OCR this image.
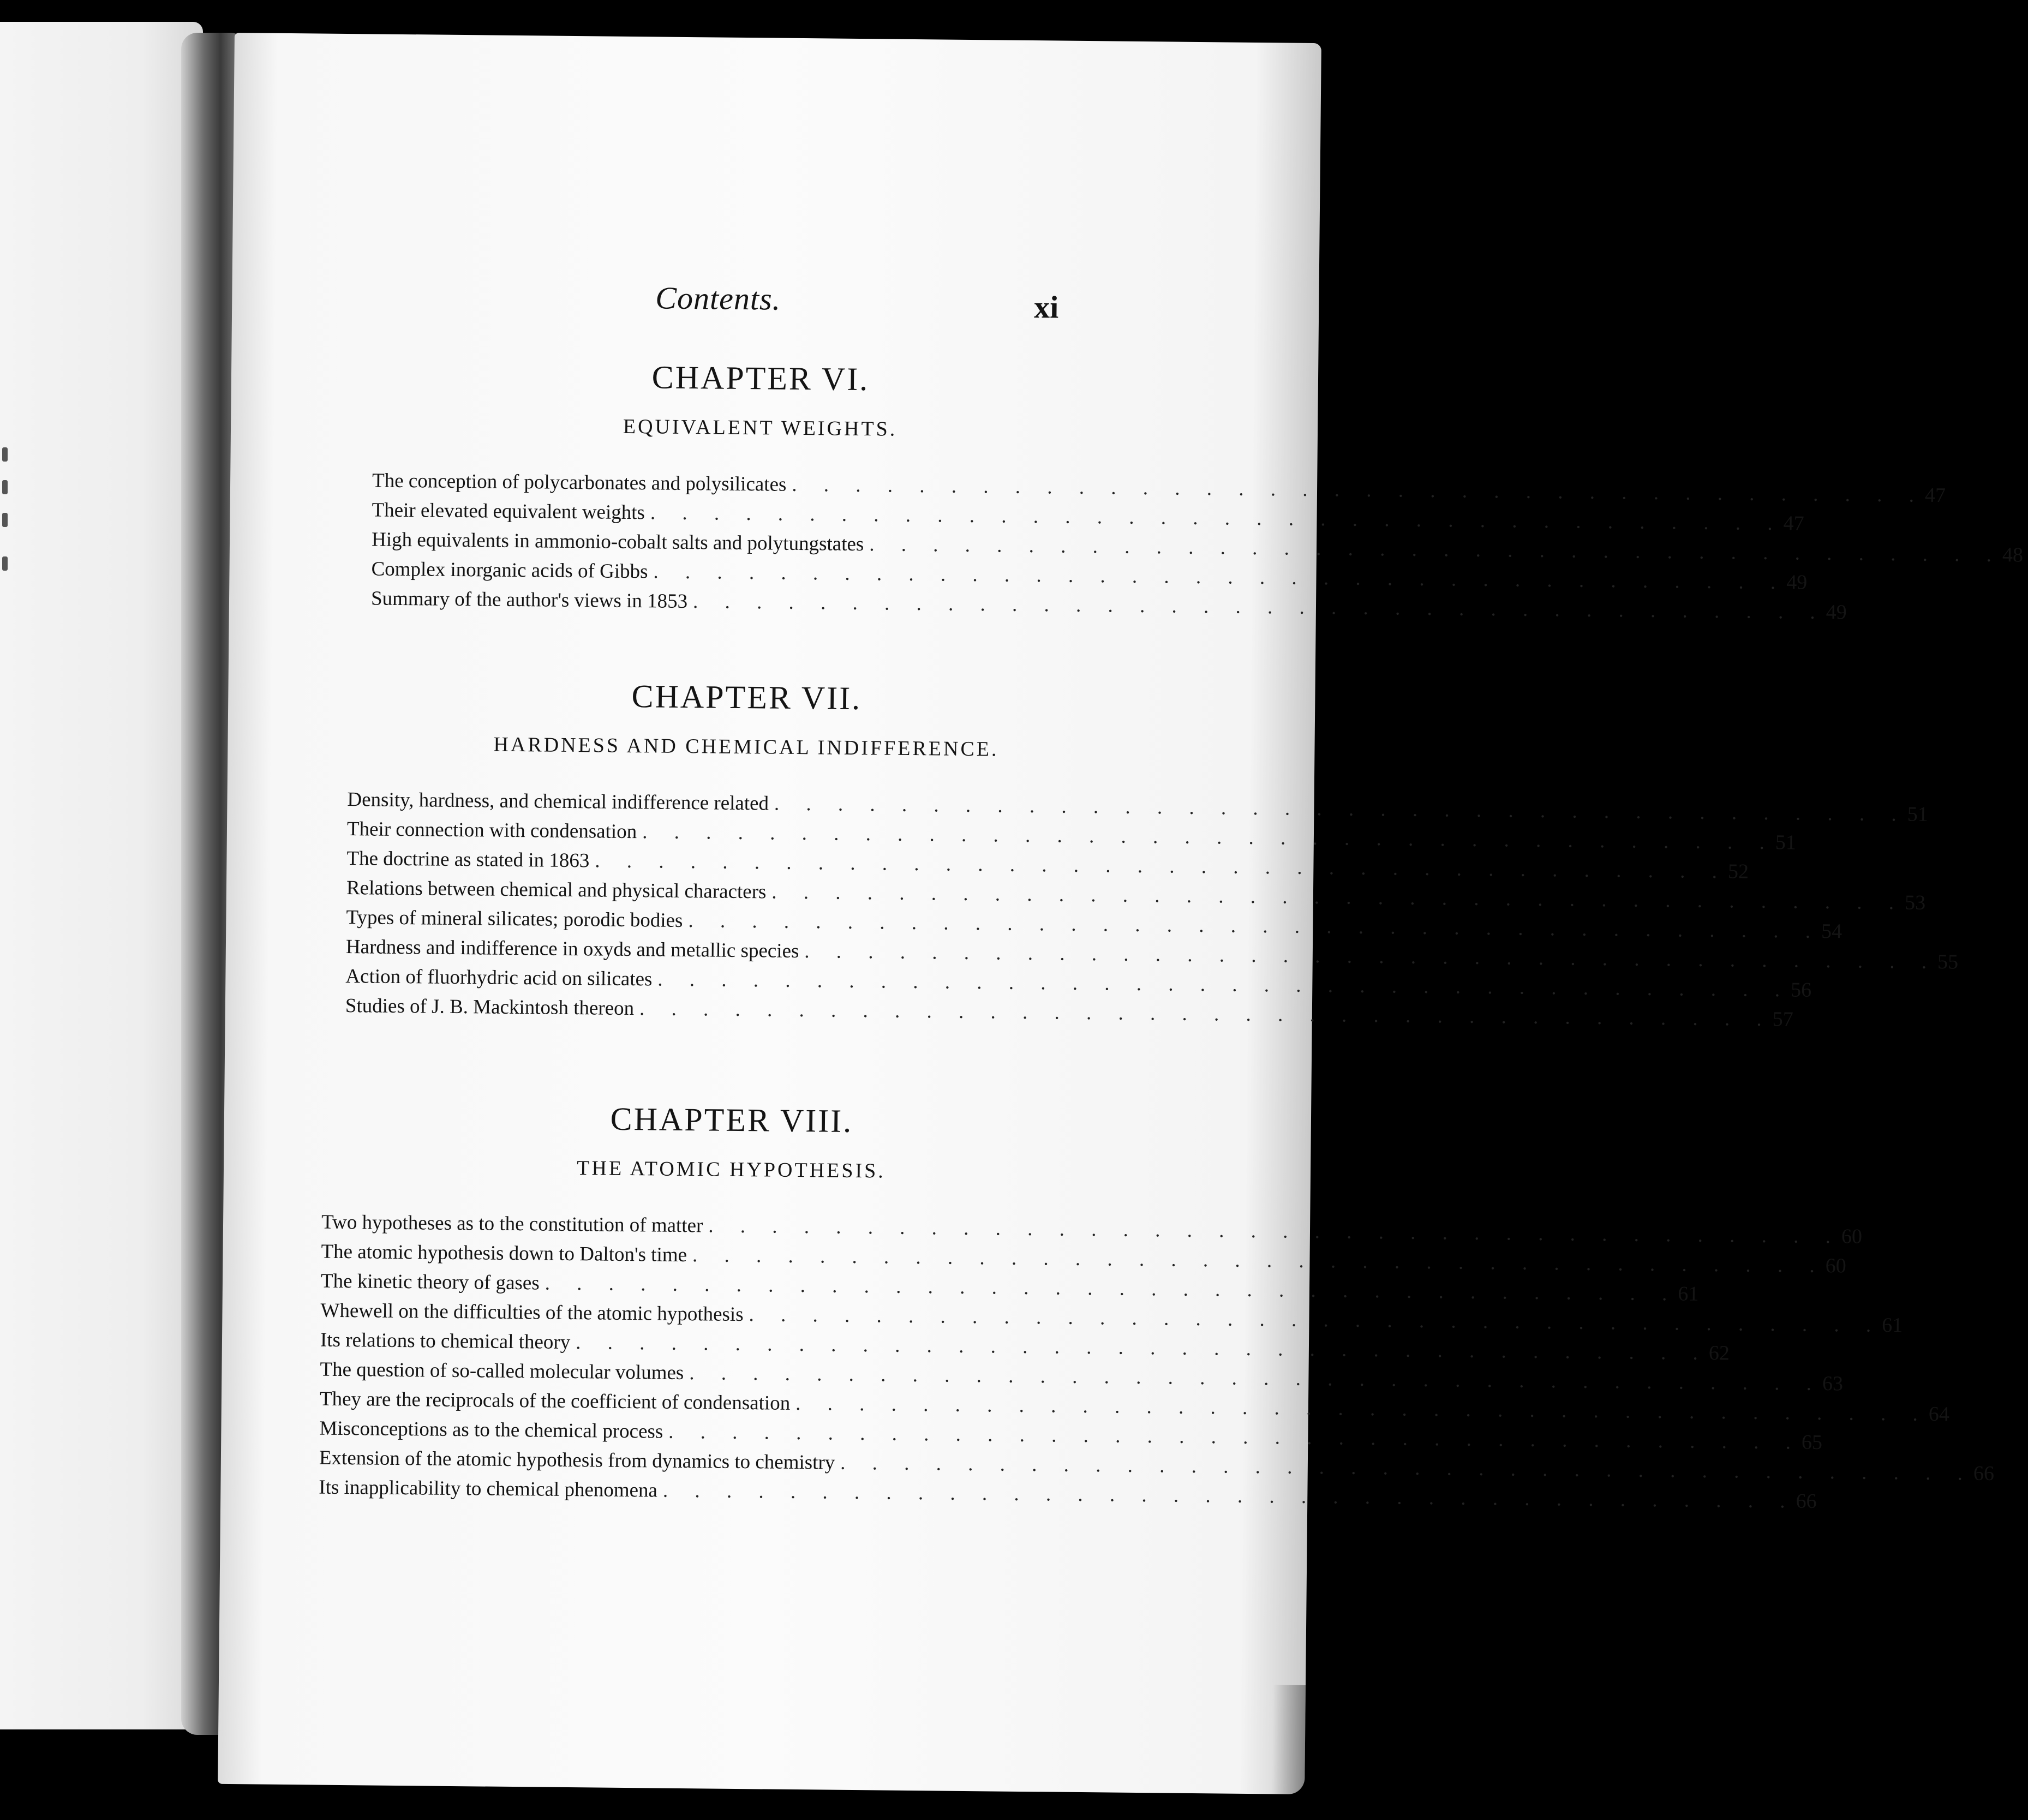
Contents.	xi
CHAPTER VI.
EQUIVALENT WEIGHTS.
The conception of polycarbonates and polysilicates . . . . . . . . . . . . . . . . . . . . . . . . . . . . . . . . . . . . 47
Their elevated equivalent weights . . . . . . . . . . . . . . . . . . . . . . . . . . . . . . . . . . . . 47
High equivalents in ammonio-cobalt salts and polytungstates . . . . . . . . . . . . . . . . . . . . . . . . . . . . . . . . . . . . 48
Complex inorganic acids of Gibbs . . . . . . . . . . . . . . . . . . . . . . . . . . . . . . . . . . . . 49
Summary of the author's views in 1853 . . . . . . . . . . . . . . . . . . . . . . . . . . . . . . . . . . . . 49
CHAPTER VII.
HARDNESS AND CHEMICAL INDIFFERENCE.
Density, hardness, and chemical indifference related . . . . . . . . . . . . . . . . . . . . . . . . . . . . . . . . . . . . 51
Their connection with condensation . . . . . . . . . . . . . . . . . . . . . . . . . . . . . . . . . . . . 51
The doctrine as stated in 1863 . . . . . . . . . . . . . . . . . . . . . . . . . . . . . . . . . . . . 52
Relations between chemical and physical characters . . . . . . . . . . . . . . . . . . . . . . . . . . . . . . . . . . . . 53
Types of mineral silicates; porodic bodies . . . . . . . . . . . . . . . . . . . . . . . . . . . . . . . . . . . . 54
Hardness and indifference in oxyds and metallic species . . . . . . . . . . . . . . . . . . . . . . . . . . . . . . . . . . . . 55
Action of fluorhydric acid on silicates . . . . . . . . . . . . . . . . . . . . . . . . . . . . . . . . . . . . 56
Studies of J. B. Mackintosh thereon . . . . . . . . . . . . . . . . . . . . . . . . . . . . . . . . . . . . 57
CHAPTER VIII.
THE ATOMIC HYPOTHESIS.
Two hypotheses as to the constitution of matter . . . . . . . . . . . . . . . . . . . . . . . . . . . . . . . . . . . . 60
The atomic hypothesis down to Dalton's time . . . . . . . . . . . . . . . . . . . . . . . . . . . . . . . . . . . . 60
The kinetic theory of gases . . . . . . . . . . . . . . . . . . . . . . . . . . . . . . . . . . . . 61
Whewell on the difficulties of the atomic hypothesis . . . . . . . . . . . . . . . . . . . . . . . . . . . . . . . . . . . . 61
Its relations to chemical theory . . . . . . . . . . . . . . . . . . . . . . . . . . . . . . . . . . . . 62
The question of so-called molecular volumes . . . . . . . . . . . . . . . . . . . . . . . . . . . . . . . . . . . . 63
They are the reciprocals of the coefficient of condensation . . . . . . . . . . . . . . . . . . . . . . . . . . . . . . . . . . . . 64
Misconceptions as to the chemical process . . . . . . . . . . . . . . . . . . . . . . . . . . . . . . . . . . . . 65
Extension of the atomic hypothesis from dynamics to chemistry . . . . . . . . . . . . . . . . . . . . . . . . . . . . . . . . . . . . 66
Its inapplicability to chemical phenomena . . . . . . . . . . . . . . . . . . . . . . . . . . . . . . . . . . . . 66
